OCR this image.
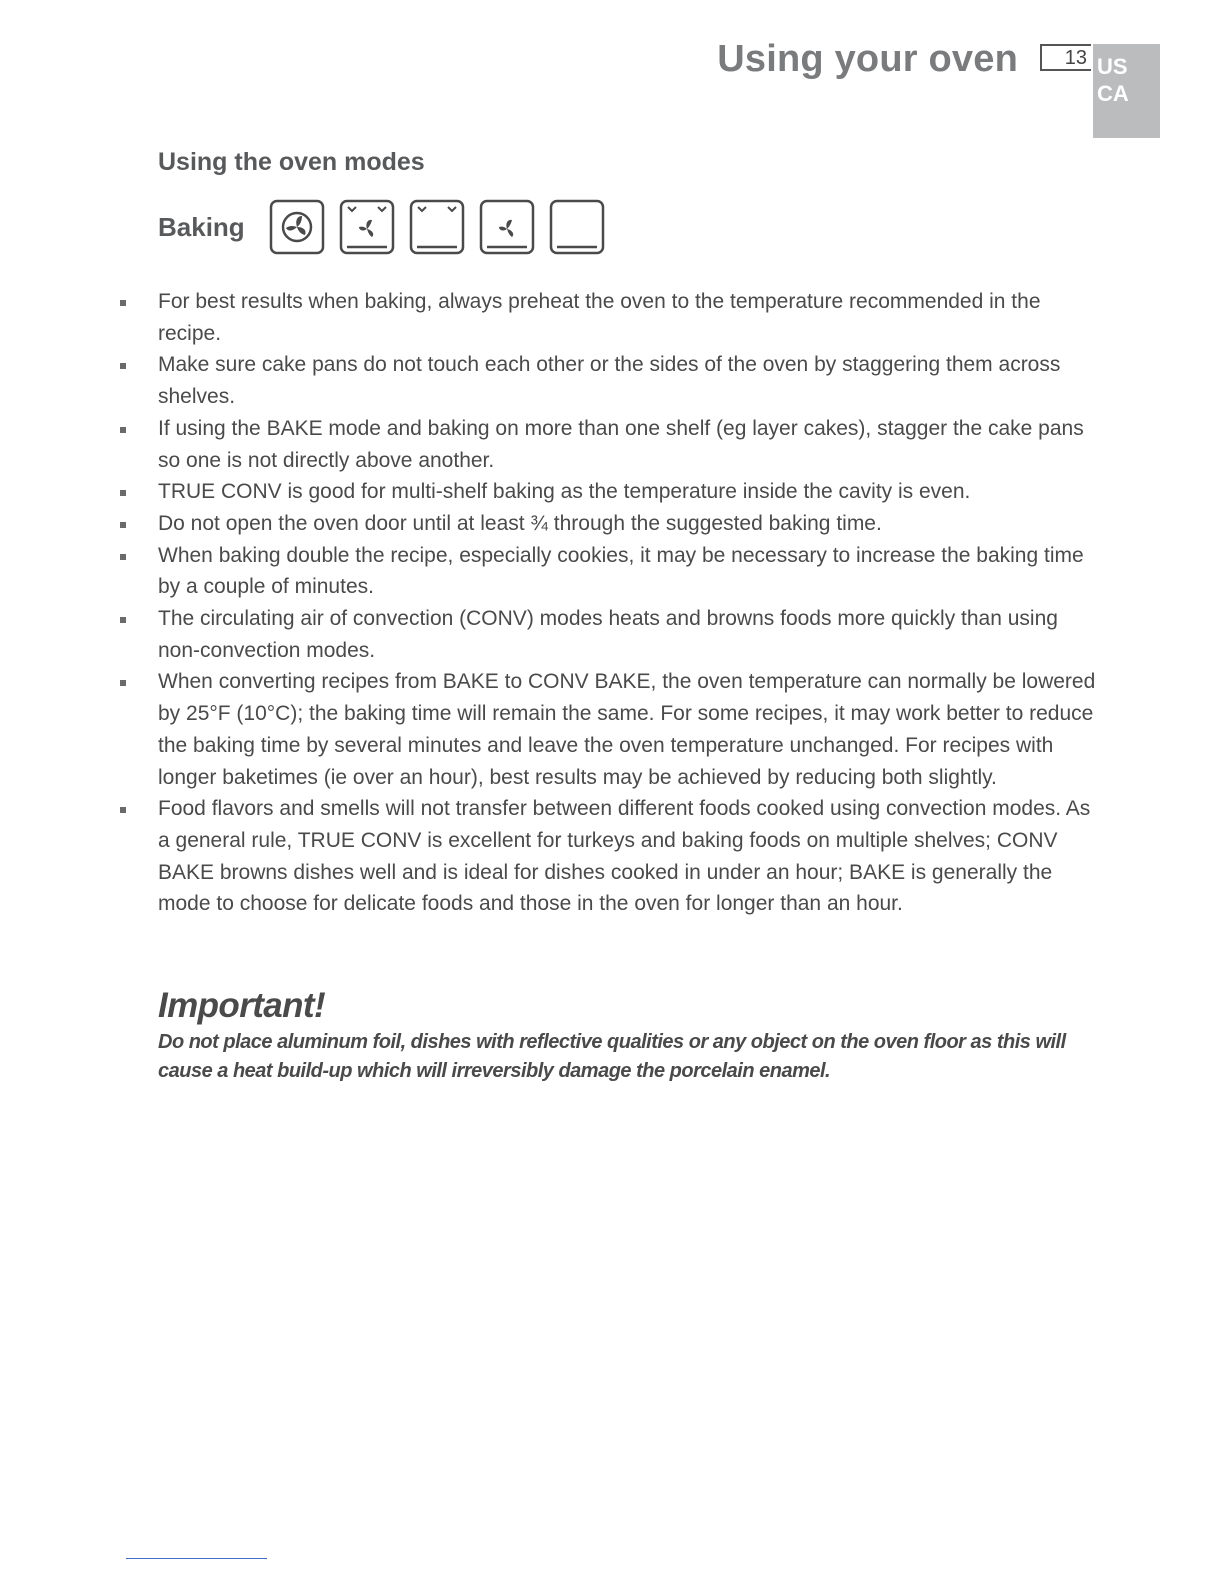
Using your oven	13 US
CA
Using the oven modes
Baking
For best results when baking, always preheat the oven to the temperature recommended in the recipe.
Make sure cake pans do not touch each other or the sides of the oven by staggering them across shelves.
If using the BAKE mode and baking on more than one shelf (eg layer cakes), stagger the cake pans so one is not directly above another.
TRUE CONV is good for multi-shelf baking as the temperature inside the cavity is even.
Do not open the oven door until at least ¾ through the suggested baking time.
When baking double the recipe, especially cookies, it may be necessary to increase the baking time by a couple of minutes.
The circulating air of convection (CONV) modes heats and browns foods more quickly than using non-convection modes.
When converting recipes from BAKE to CONV BAKE, the oven temperature can normally be lowered by 25°F (10°C); the baking time will remain the same. For some recipes, it may work better to reduce the baking time by several minutes and leave the oven temperature unchanged. For recipes with longer baketimes (ie over an hour), best results may be achieved by reducing both slightly.
Food flavors and smells will not transfer between different foods cooked using convection modes. As a general rule, TRUE CONV is excellent for turkeys and baking foods on multiple shelves; CONV BAKE browns dishes well and is ideal for dishes cooked in under an hour; BAKE is generally the mode to choose for delicate foods and those in the oven for longer than an hour.
Important!

Do not place aluminum foil, dishes with reflective qualities or any object on the oven floor as this will cause a heat build-up which will irreversibly damage the porcelain enamel.
